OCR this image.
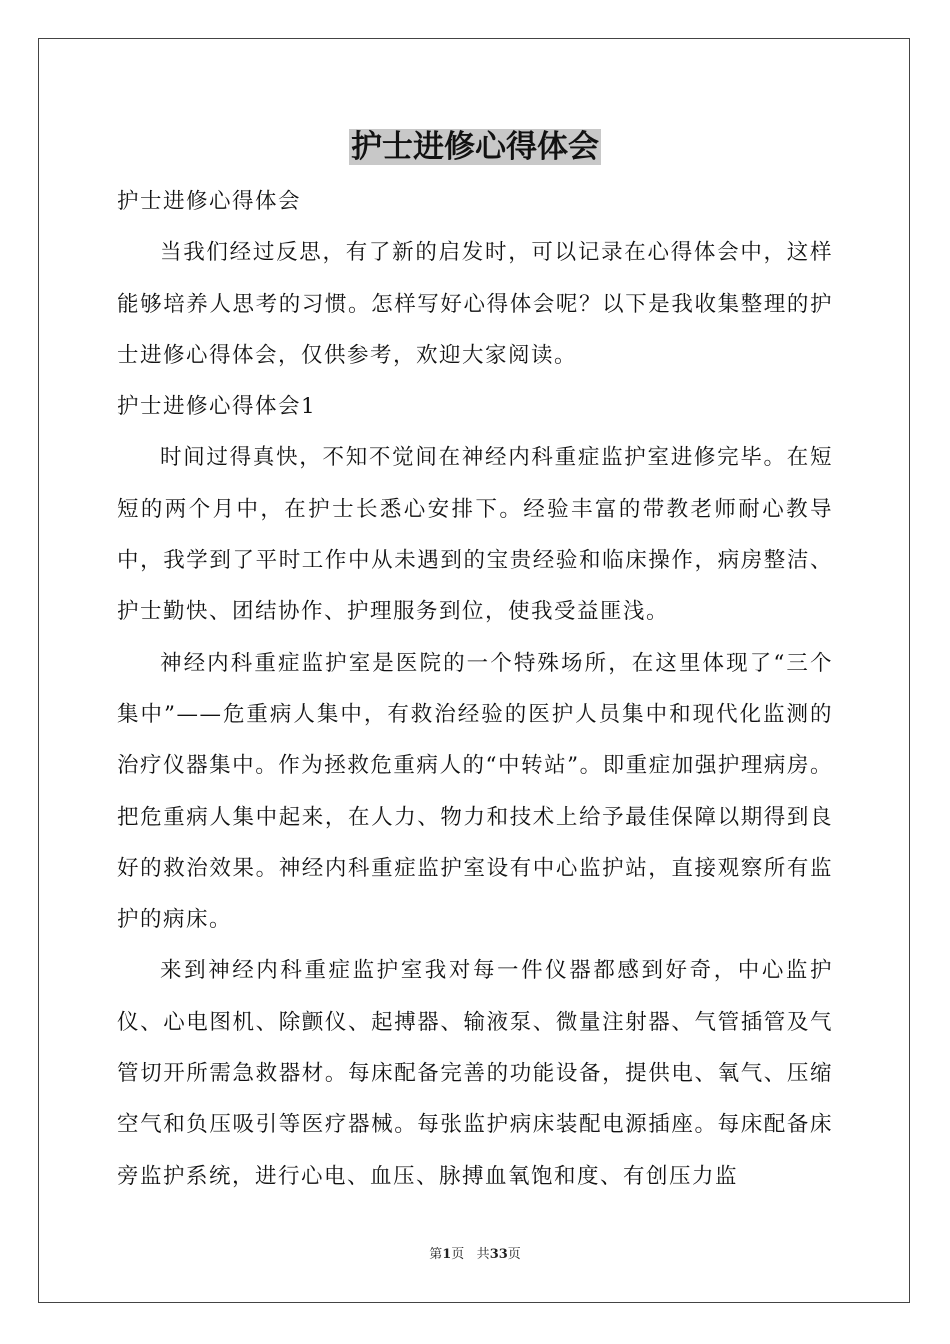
护士进修心得体会

护士进修心得体会

当我们经过反思，有了新的启发时，可以记录在心得体会中，这样能够培养人思考的习惯。怎样写好心得体会呢？以下是我收集整理的护士进修心得体会，仅供参考，欢迎大家阅读。

护士进修心得体会1

时间过得真快，不知不觉间在神经内科重症监护室进修完毕。在短短的两个月中，在护士长悉心安排下。经验丰富的带教老师耐心教导中，我学到了平时工作中从未遇到的宝贵经验和临床操作，病房整洁、护士勤快、团结协作、护理服务到位，使我受益匪浅。

神经内科重症监护室是医院的一个特殊场所，在这里体现了“三个集中”——危重病人集中，有救治经验的医护人员集中和现代化监测的治疗仪器集中。作为拯救危重病人的“中转站”。即重症加强护理病房。把危重病人集中起来，在人力、物力和技术上给予最佳保障以期得到良好的救治效果。神经内科重症监护室设有中心监护站，直接观察所有监护的病床。

来到神经内科重症监护室我对每一件仪器都感到好奇，中心监护仪、心电图机、除颤仪、起搏器、输液泵、微量注射器、气管插管及气管切开所需急救器材。每床配备完善的功能设备，提供电、氧气、压缩空气和负压吸引等医疗器械。每张监护病床装配电源插座。每床配备床旁监护系统，进行心电、血压、脉搏血氧饱和度、有创压力监

第1页 共33页
